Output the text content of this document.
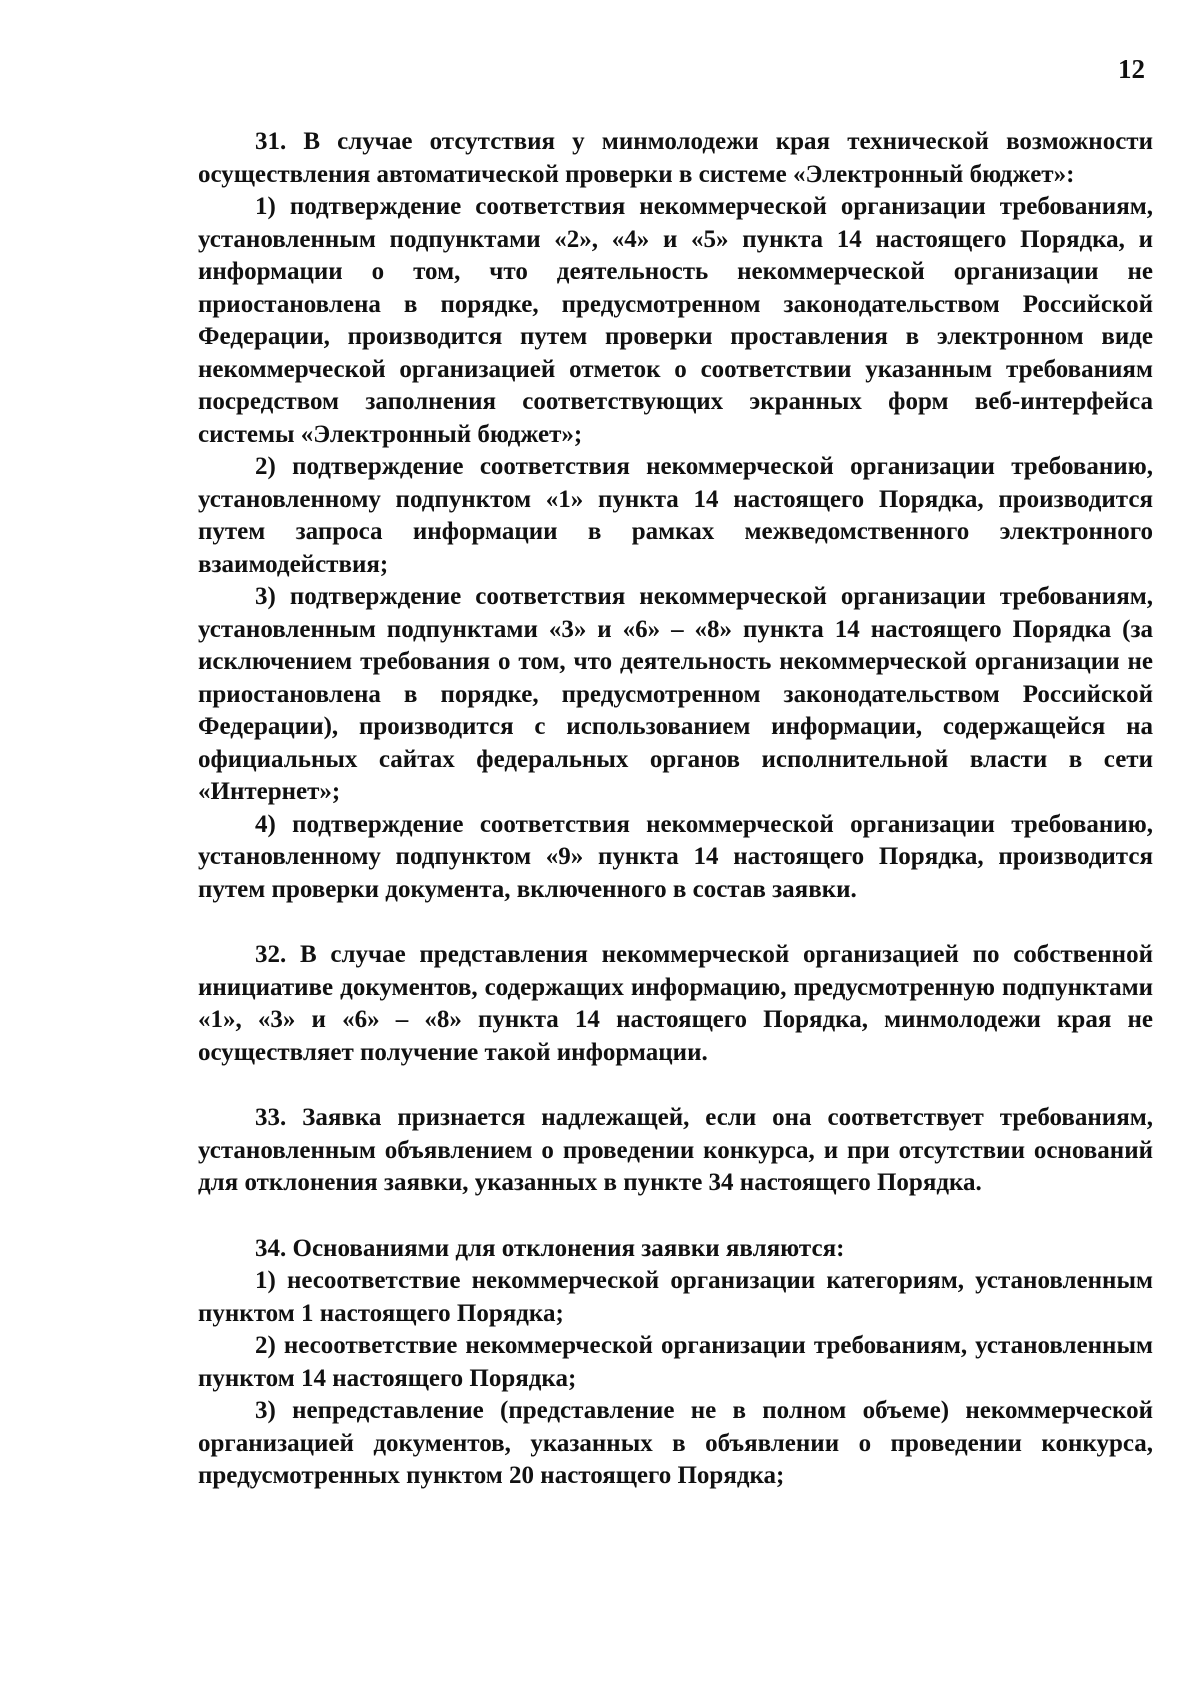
12

31. В случае отсутствия у минмолодежи края технической возможности осуществления автоматической проверки в системе «Электронный бюджет»:

1) подтверждение соответствия некоммерческой организации требованиям, установленным подпунктами «2», «4» и «5» пункта 14 настоящего Порядка, и информации о том, что деятельность некоммерческой организации не приостановлена в порядке, предусмотренном законодательством Российской Федерации, производится путем проверки проставления в электронном виде некоммерческой организацией отметок о соответствии указанным требованиям посредством заполнения соответствующих экранных форм веб-интерфейса системы «Электронный бюджет»;

2) подтверждение соответствия некоммерческой организации требованию, установленному подпунктом «1» пункта 14 настоящего Порядка, производится путем запроса информации в рамках межведомственного электронного взаимодействия;

3) подтверждение соответствия некоммерческой организации требованиям, установленным подпунктами «3» и «6» – «8» пункта 14 настоящего Порядка (за исключением требования о том, что деятельность некоммерческой организации не приостановлена в порядке, предусмотренном законодательством Российской Федерации), производится с использованием информации, содержащейся на официальных сайтах федеральных органов исполнительной власти в сети «Интернет»;

4) подтверждение соответствия некоммерческой организации требованию, установленному подпунктом «9» пункта 14 настоящего Порядка, производится путем проверки документа, включенного в состав заявки.

32. В случае представления некоммерческой организацией по собственной инициативе документов, содержащих информацию, предусмотренную подпунктами «1», «3» и «6» – «8» пункта 14 настоящего Порядка, минмолодежи края не осуществляет получение такой информации.

33. Заявка признается надлежащей, если она соответствует требованиям, установленным объявлением о проведении конкурса, и при отсутствии оснований для отклонения заявки, указанных в пункте 34 настоящего Порядка.

34. Основаниями для отклонения заявки являются:

1) несоответствие некоммерческой организации категориям, установленным пунктом 1 настоящего Порядка;

2) несоответствие некоммерческой организации требованиям, установленным пунктом 14 настоящего Порядка;

3) непредставление (представление не в полном объеме) некоммерческой организацией документов, указанных в объявлении о проведении конкурса, предусмотренных пунктом 20 настоящего Порядка;
